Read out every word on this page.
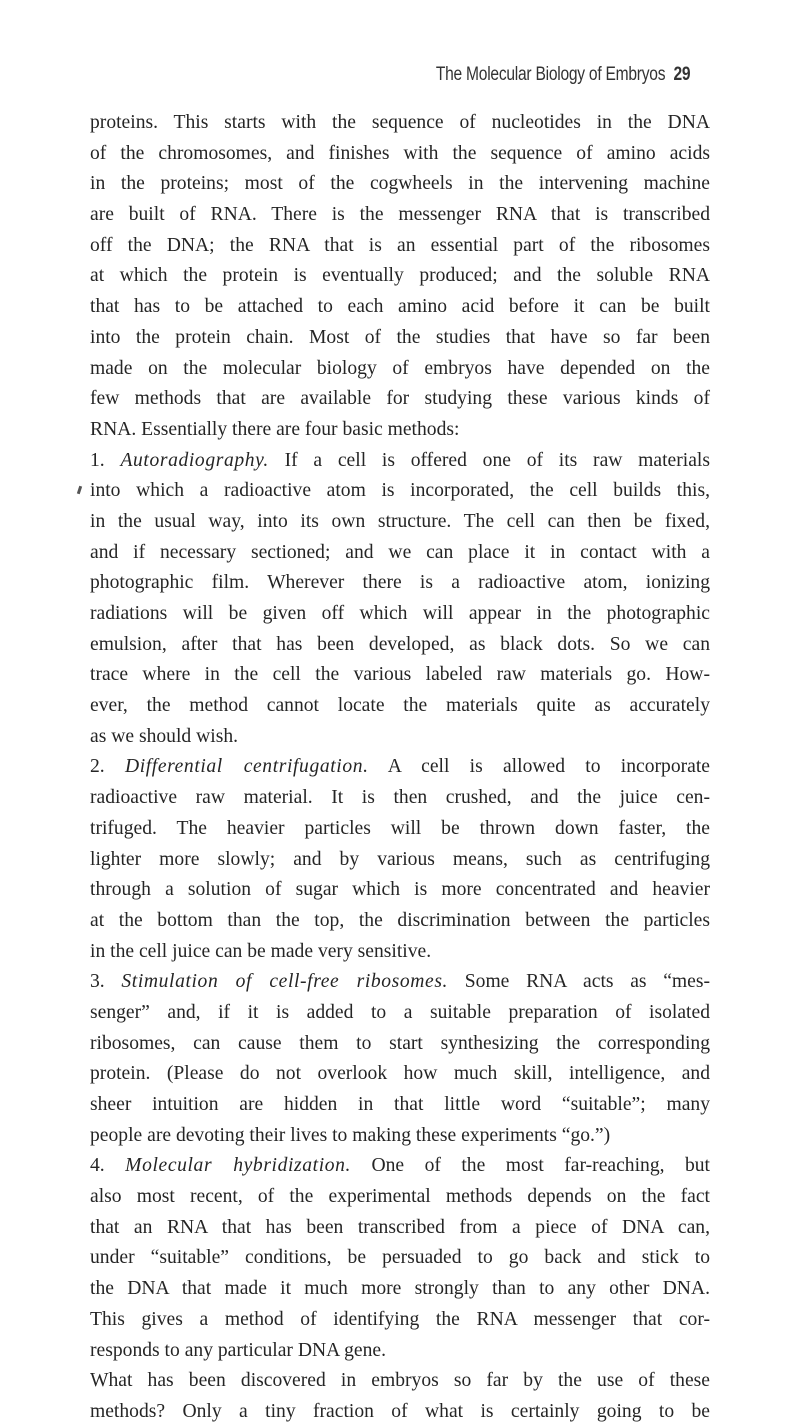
The Molecular Biology of Embryos 29
proteins. This starts with the sequence of nucleotides in the DNA
of the chromosomes, and finishes with the sequence of amino acids
in the proteins; most of the cogwheels in the intervening machine
are built of RNA. There is the messenger RNA that is transcribed
off the DNA; the RNA that is an essential part of the ribosomes
at which the protein is eventually produced; and the soluble RNA
that has to be attached to each amino acid before it can be built
into the protein chain. Most of the studies that have so far been
made on the molecular biology of embryos have depended on the
few methods that are available for studying these various kinds of
RNA. Essentially there are four basic methods:
1. Autoradiography. If a cell is offered one of its raw materials
into which a radioactive atom is incorporated, the cell builds this,
in the usual way, into its own structure. The cell can then be fixed,
and if necessary sectioned; and we can place it in contact with a
photographic film. Wherever there is a radioactive atom, ionizing
radiations will be given off which will appear in the photographic
emulsion, after that has been developed, as black dots. So we can
trace where in the cell the various labeled raw materials go. How-
ever, the method cannot locate the materials quite as accurately
as we should wish.
2. Differential centrifugation. A cell is allowed to incorporate
radioactive raw material. It is then crushed, and the juice cen-
trifuged. The heavier particles will be thrown down faster, the
lighter more slowly; and by various means, such as centrifuging
through a solution of sugar which is more concentrated and heavier
at the bottom than the top, the discrimination between the particles
in the cell juice can be made very sensitive.
3. Stimulation of cell-free ribosomes. Some RNA acts as “mes-
senger” and, if it is added to a suitable preparation of isolated
ribosomes, can cause them to start synthesizing the corresponding
protein. (Please do not overlook how much skill, intelligence, and
sheer intuition are hidden in that little word “suitable”; many
people are devoting their lives to making these experiments “go.”)
4. Molecular hybridization. One of the most far-reaching, but
also most recent, of the experimental methods depends on the fact
that an RNA that has been transcribed from a piece of DNA can,
under “suitable” conditions, be persuaded to go back and stick to
the DNA that made it much more strongly than to any other DNA.
This gives a method of identifying the RNA messenger that cor-
responds to any particular DNA gene.
What has been discovered in embryos so far by the use of these
methods? Only a tiny fraction of what is certainly going to be
